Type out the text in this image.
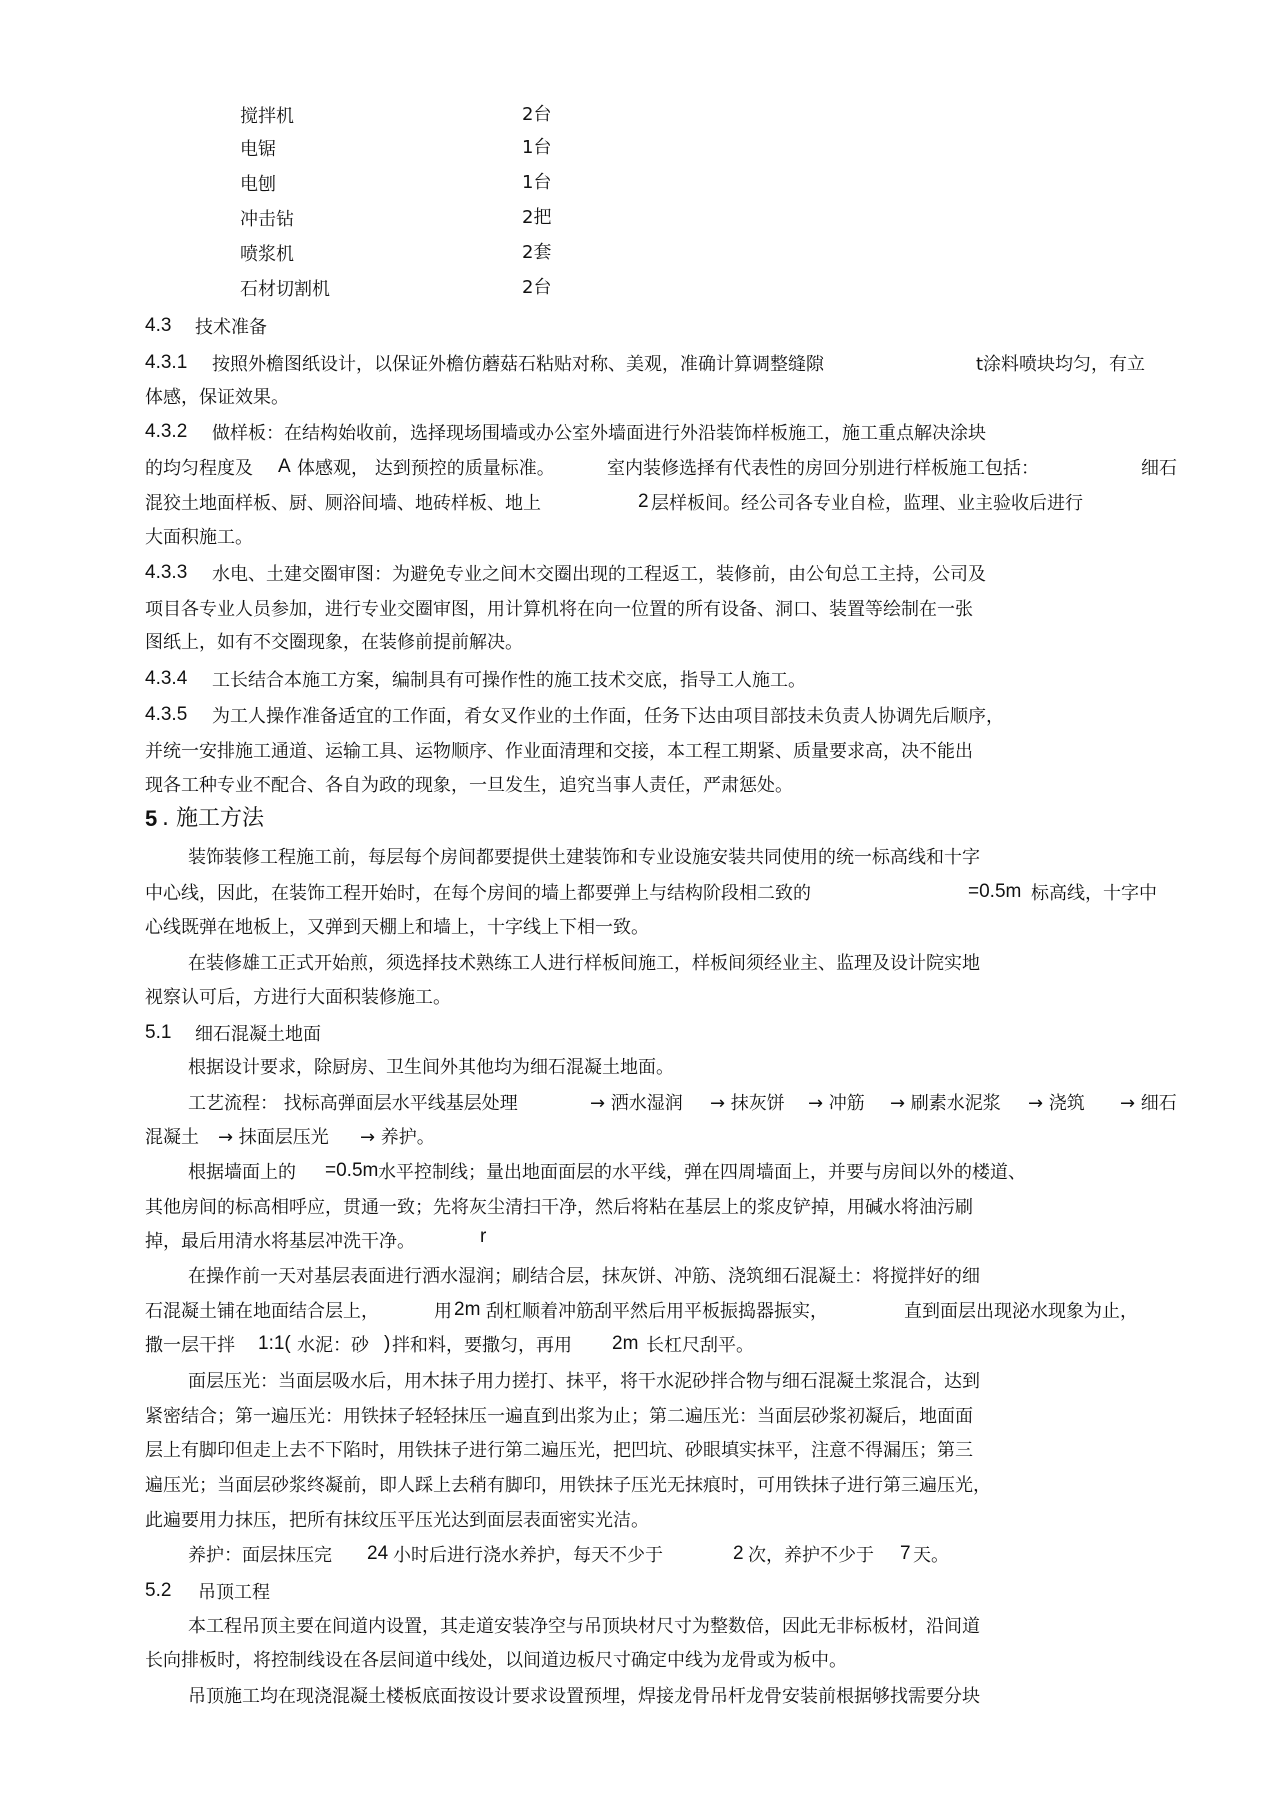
搅拌机	2台
电锯	1台
电刨	1台
冲击钻	2把
喷浆机	2套
石材切割机	2台
4.3 技术准备
4.3.1 按照外檐图纸设计，以保证外檐仿蘑菇石粘贴对称、美观，准确计算调整缝隙	t涂料喷块均匀，有立
体感，保证效果。
4.3.2 做样板：在结构始收前，选择现场围墙或办公室外墙面进行外沿装饰样板施工，施工重点解决涂块
的均匀程度及 A 体感观， 达到预控的质量标准。	室内装修选择有代表性的房回分别进行样板施工包括：	细石
混狡土地面样板、厨、厕浴间墙、地砖样板、地上	2 层样板间。经公司各专业自检，监理、业主验收后进行
大面积施工。
4.3.3 水电、土建交圈审图：为避免专业之间木交圈出现的工程返工，装修前，由公旬总工主持，公司及
项目各专业人员参加，进行专业交圈审图，用计算机将在向一位置的所有设备、洞口、装置等绘制在一张
图纸上，如有不交圈现象，在装修前提前解决。
4.3.4 工长结合本施工方案，编制具有可操作性的施工技术交底，指导工人施工。
4.3.5 为工人操作准备适宜的工作面，肴女叉作业的土作面，任务下达由项目部技未负责人协调先后顺序，
并统一安排施工通道、运输工具、运物顺序、作业面清理和交接，本工程工期紧、质量要求高，决不能出
现各工种专业不配合、各自为政的现象，一旦发生，追究当事人责任，严肃惩处。
5 . 施工方法
装饰装修工程施工前，每层每个房间都要提供土建装饰和专业设施安装共同使用的统一标高线和十字
中心线，因此，在装饰工程开始时，在每个房间的墙上都要弹上与结构阶段相二致的	=0.5m 标高线，十字中
心线既弹在地板上，又弹到天棚上和墙上，十字线上下相一致。
在装修雄工正式开始煎，须选择技术熟练工人进行样板间施工，样板间须经业主、监理及设计院实地
视察认可后，方进行大面积装修施工。
5.1 细石混凝土地面
根据设计要求，除厨房、卫生间外其他均为细石混凝土地面。
工艺流程： 找标高弹面层水平线基层处理	→ 洒水湿润 → 抹灰饼 → 冲筋 → 刷素水泥浆 → 浇筑 → 细石
混凝土 → 抹面层压光 → 养护。
根据墙面上的 =0.5m 水平控制线；量出地面面层的水平线，弹在四周墙面上，并要与房间以外的楼道、
其他房间的标高相呼应，贯通一致；先将灰尘清扫干净，然后将粘在基层上的浆皮铲掉，用碱水将油污刷
掉，最后用清水将基层冲洗干净。	r
在操作前一天对基层表面进行洒水湿润；刷结合层，抹灰饼、冲筋、浇筑细石混凝土：将搅拌好的细
石混凝土铺在地面结合层上，	用 2m 刮杠顺着冲筋刮平然后用平板振捣器振实，	直到面层出现泌水现象为止，
撒一层干拌 1:1( 水泥：砂 ) 拌和料，要撒匀，再用 2m 长杠尺刮平。
面层压光：当面层吸水后，用木抹子用力搓打、抹平，将干水泥砂拌合物与细石混凝土浆混合，达到
紧密结合；第一遍压光：用铁抹子轻轻抹压一遍直到出浆为止；第二遍压光：当面层砂浆初凝后，地面面
层上有脚印但走上去不下陷时，用铁抹子进行第二遍压光，把凹坑、砂眼填实抹平，注意不得漏压；第三
遍压光；当面层砂浆终凝前，即人踩上去稍有脚印，用铁抹子压光无抹痕时，可用铁抹子进行第三遍压光，
此遍要用力抹压，把所有抹纹压平压光达到面层表面密实光洁。
养护：面层抹压完 24 小时后进行浇水养护，每天不少于	2 次，养护不少于 7 天。
5.2 吊顶工程
本工程吊顶主要在间道内设置，其走道安装净空与吊顶块材尺寸为整数倍，因此无非标板材，沿间道
长向排板时，将控制线设在各层间道中线处，以间道边板尺寸确定中线为龙骨或为板中。
吊顶施工均在现浇混凝土楼板底面按设计要求设置预埋，焊接龙骨吊杆龙骨安装前根据够找需要分块
